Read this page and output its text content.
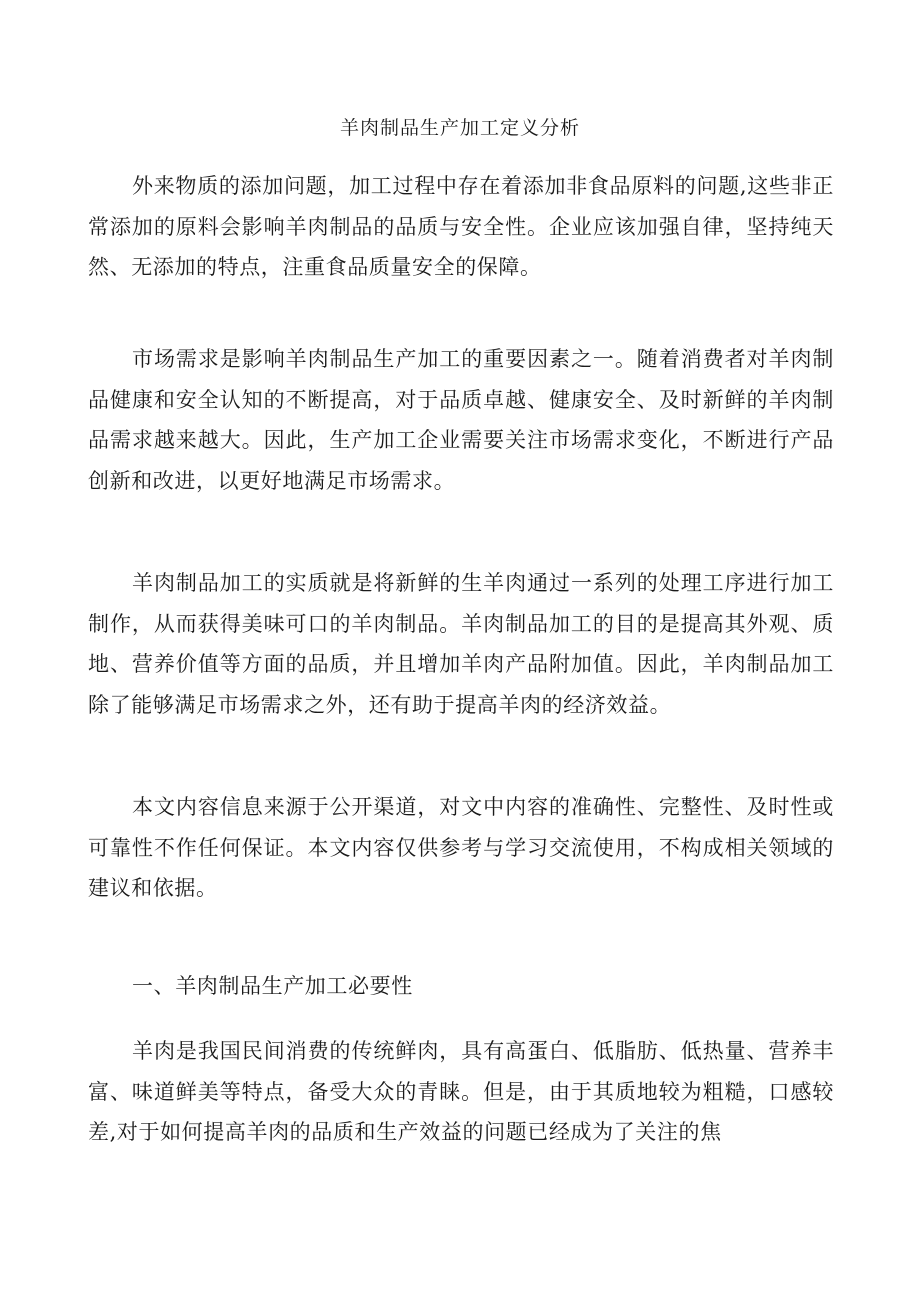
羊肉制品生产加工定义分析

外来物质的添加问题，加工过程中存在着添加非食品原料的问题,这些非正常添加的原料会影响羊肉制品的品质与安全性。企业应该加强自律，坚持纯天然、无添加的特点，注重食品质量安全的保障。

市场需求是影响羊肉制品生产加工的重要因素之一。随着消费者对羊肉制品健康和安全认知的不断提高，对于品质卓越、健康安全、及时新鲜的羊肉制品需求越来越大。因此，生产加工企业需要关注市场需求变化，不断进行产品创新和改进，以更好地满足市场需求。

羊肉制品加工的实质就是将新鲜的生羊肉通过一系列的处理工序进行加工制作，从而获得美味可口的羊肉制品。羊肉制品加工的目的是提高其外观、质地、营养价值等方面的品质，并且增加羊肉产品附加值。因此，羊肉制品加工除了能够满足市场需求之外，还有助于提高羊肉的经济效益。

本文内容信息来源于公开渠道，对文中内容的准确性、完整性、及时性或可靠性不作任何保证。本文内容仅供参考与学习交流使用，不构成相关领域的建议和依据。

一、羊肉制品生产加工必要性

羊肉是我国民间消费的传统鲜肉，具有高蛋白、低脂肪、低热量、营养丰富、味道鲜美等特点，备受大众的青睐。但是，由于其质地较为粗糙，口感较差,对于如何提高羊肉的品质和生产效益的问题已经成为了关注的焦
